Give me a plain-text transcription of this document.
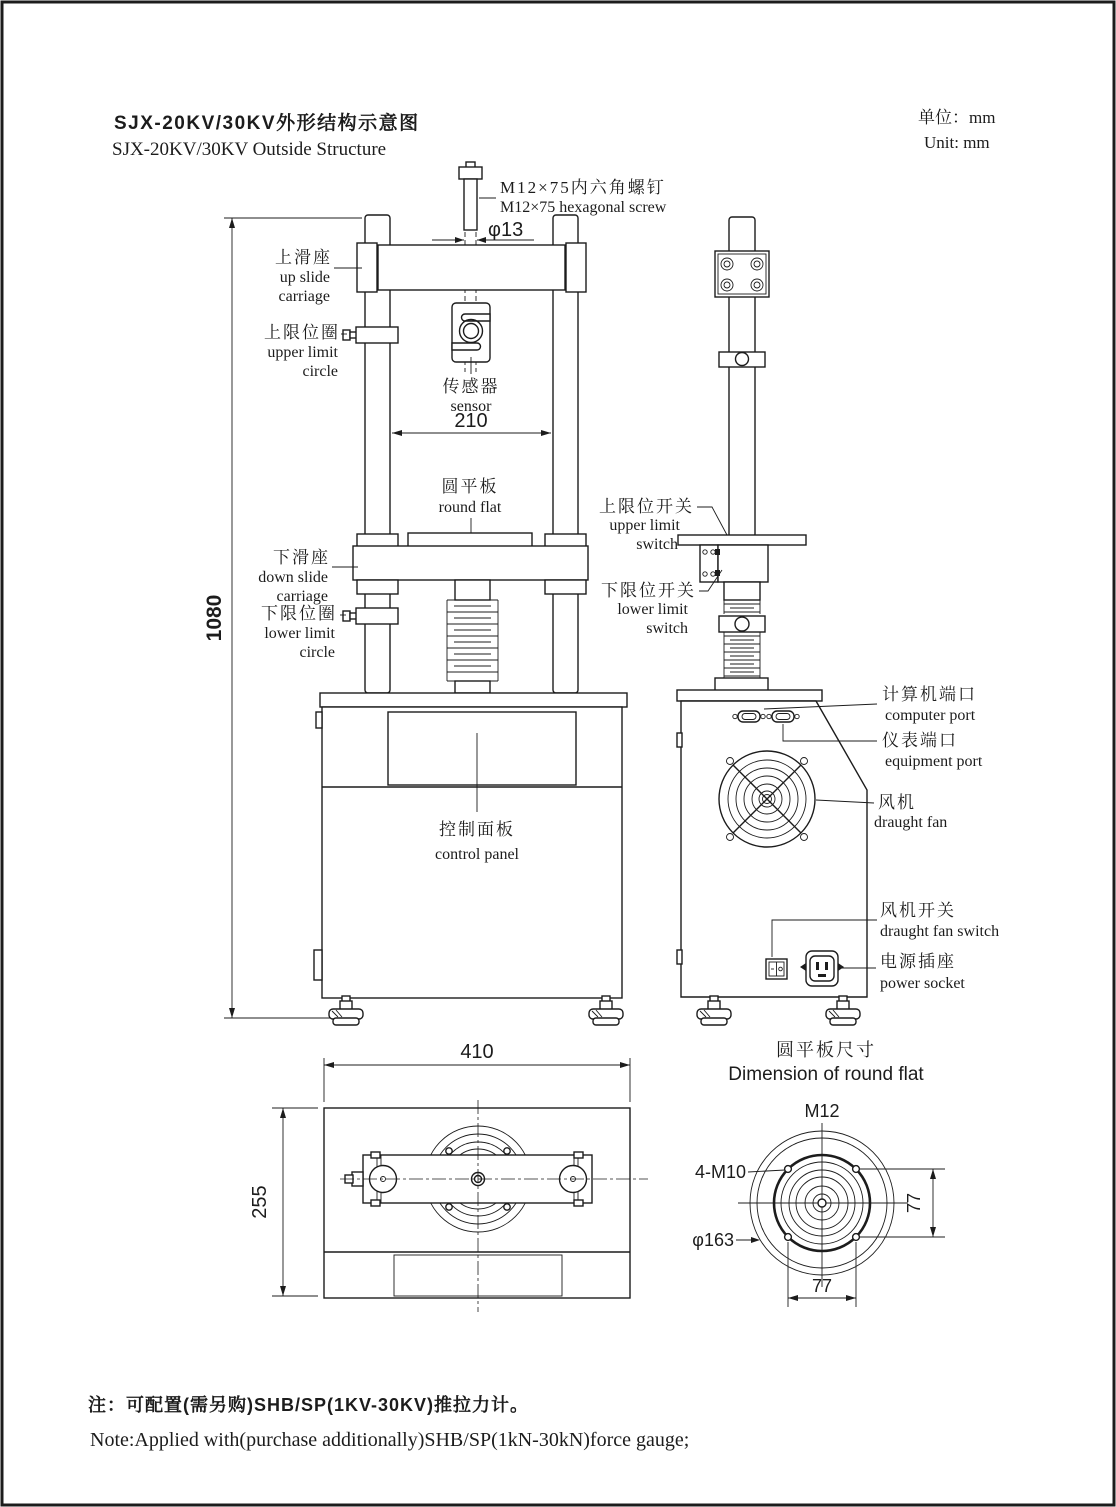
SJX-20KV/30KV外形结构示意图
SJX-20KV/30KV Outside Structure
单位：mm
Unit: mm
1080
M12×75内六角螺钉
M12×75 hexagonal screw
φ13
上滑座
up slide
carriage
上限位圈
upper limit
circle
传感器
sensor
210
圆平板
round flat
下滑座
down slide
carriage
下限位圈
lower limit
circle
控制面板
control panel
上限位开关
upper limit
switch
下限位开关
lower limit
switch
计算机端口
computer port
仪表端口
equipment port
风机
draught fan
风机开关
draught fan switch
电源插座
power socket
410
255
圆平板尺寸
Dimension of round flat
M12
4-M10
φ163
77
77
注：可配置(需另购)SHB/SP(1KV-30KV)推拉力计。
Note:Applied with(purchase additionally)SHB/SP(1kN-30kN)force gauge;
